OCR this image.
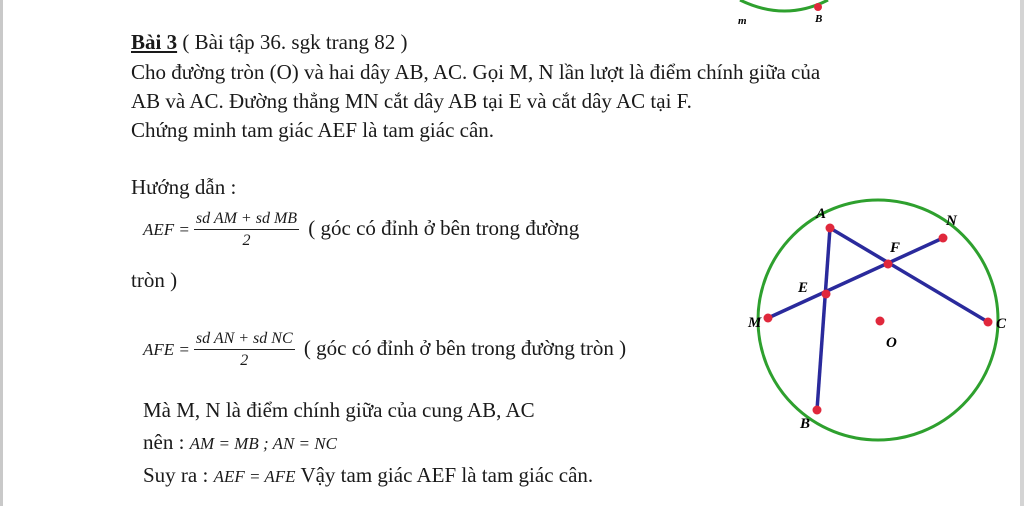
m	B
Bài 3 ( Bài tập 36. sgk trang 82 )
Cho đường tròn (O) và hai dây AB, AC. Gọi M, N lần lượt là điểm chính giữa của
AB và AC. Đường thẳng MN cắt dây AB tại E và cắt dây AC tại F.
Chứng minh tam giác AEF là tam giác cân.
Hướng dẫn :
AEF = $\frac{\text{sd AM + sd MB}}{2}$ ( góc có đỉnh ở bên trong đường
tròn )
AFE = $\frac{\text{sd AN + sd NC}}{2}$ ( góc có đỉnh ở bên trong đường tròn )
Mà M, N là điểm chính giữa của cung AB, AC
nên : AM = MB ; AN = NC
Suy ra : AEF = AFE Vậy tam giác AEF là tam giác cân.
A	N
F
E
M
O
C
B
